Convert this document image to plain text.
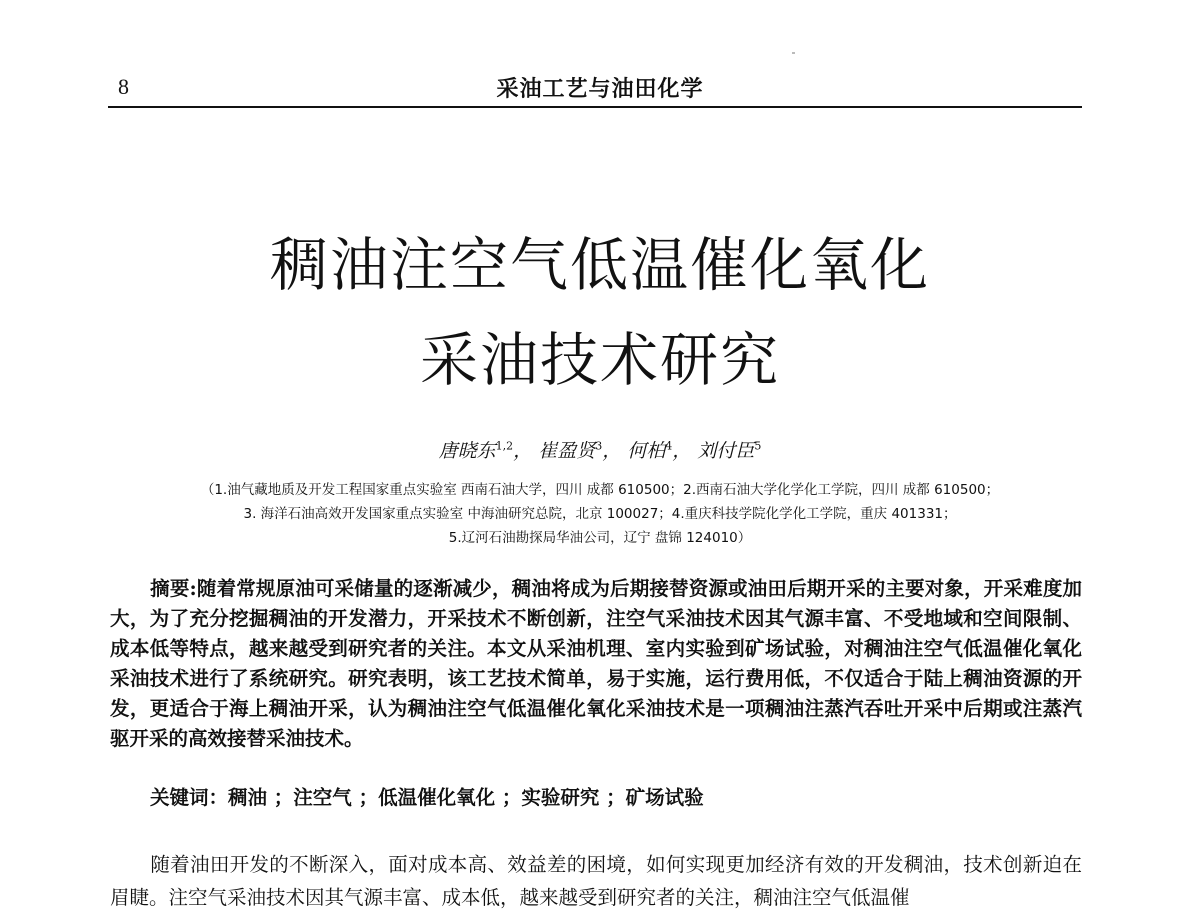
8	采油工艺与油田化学
稠油注空气低温催化氧化
采油技术研究
唐晓东$^{1,2}$， 崔盈贤$^3$， 何柏$^4$， 刘付臣$^5$
（1.油气藏地质及开发工程国家重点实验室 西南石油大学，四川 成都 610500；2.西南石油大学化学化工学院，四川 成都 610500；
3. 海洋石油高效开发国家重点实验室 中海油研究总院，北京 100027；4.重庆科技学院化学化工学院，重庆 401331；
5.辽河石油勘探局华油公司，辽宁 盘锦 124010）
摘要:随着常规原油可采储量的逐渐减少，稠油将成为后期接替资源或油田后期开采的主要对象，开采难度加大，为了充分挖掘稠油的开发潜力，开采技术不断创新，注空气采油技术因其气源丰富、不受地域和空间限制、成本低等特点，越来越受到研究者的关注。本文从采油机理、室内实验到矿场试验，对稠油注空气低温催化氧化采油技术进行了系统研究。研究表明，该工艺技术简单，易于实施，运行费用低，不仅适合于陆上稠油资源的开发，更适合于海上稠油开采，认为稠油注空气低温催化氧化采油技术是一项稠油注蒸汽吞吐开采中后期或注蒸汽驱开采的高效接替采油技术。
关键词：稠油 ；注空气 ；低温催化氧化 ；实验研究 ；矿场试验
随着油田开发的不断深入，面对成本高、效益差的困境，如何实现更加经济有效的开发稠油，技术创新迫在眉睫。注空气采油技术因其气源丰富、成本低，越来越受到研究者的关注，稠油注空气低温催
